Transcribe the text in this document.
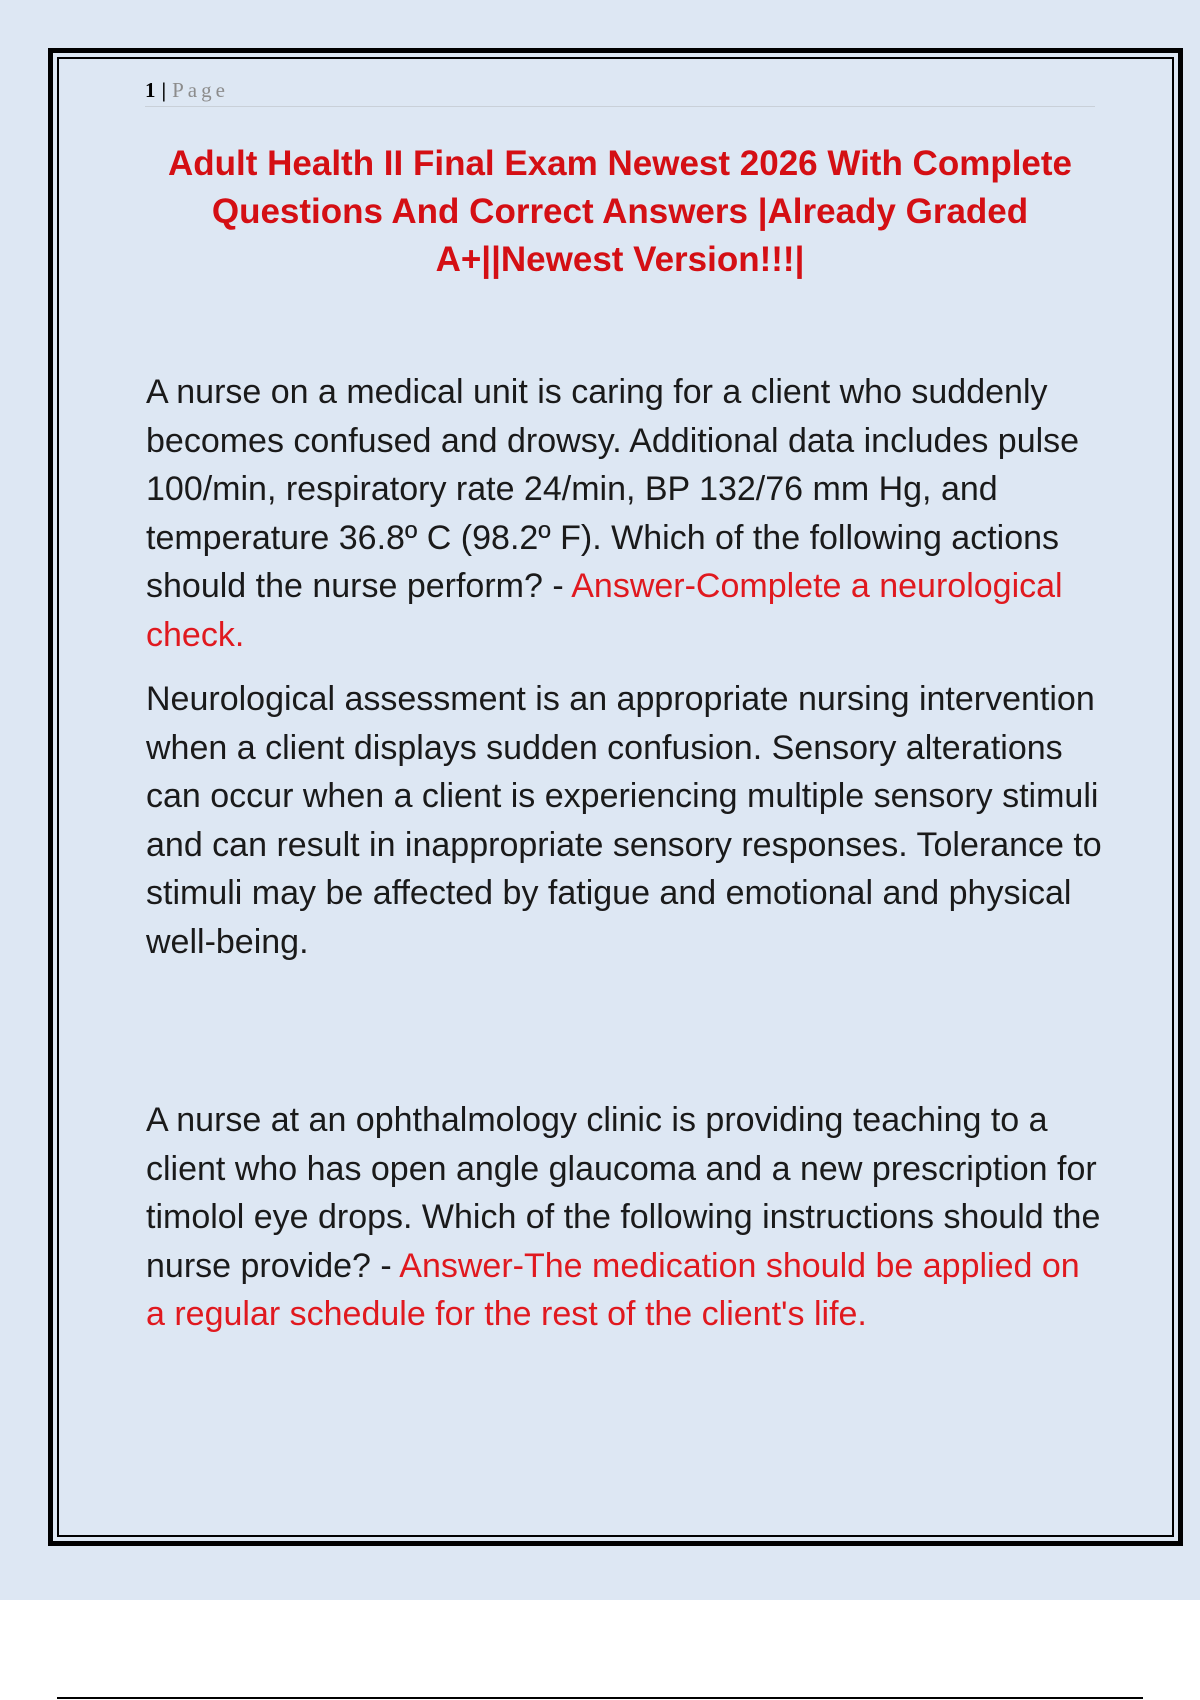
1 | Page
Adult Health II Final Exam Newest 2026 With Complete Questions And Correct Answers |Already Graded A+||Newest Version!!!|

A nurse on a medical unit is caring for a client who suddenly becomes confused and drowsy. Additional data includes pulse 100/min, respiratory rate 24/min, BP 132/76 mm Hg, and temperature 36.8º C (98.2º F). Which of the following actions should the nurse perform? - Answer-Complete a neurological check.

Neurological assessment is an appropriate nursing intervention when a client displays sudden confusion. Sensory alterations can occur when a client is experiencing multiple sensory stimuli and can result in inappropriate sensory responses. Tolerance to stimuli may be affected by fatigue and emotional and physical well-being.

A nurse at an ophthalmology clinic is providing teaching to a client who has open angle glaucoma and a new prescription for timolol eye drops. Which of the following instructions should the nurse provide? - Answer-The medication should be applied on a regular schedule for the rest of the client's life.
